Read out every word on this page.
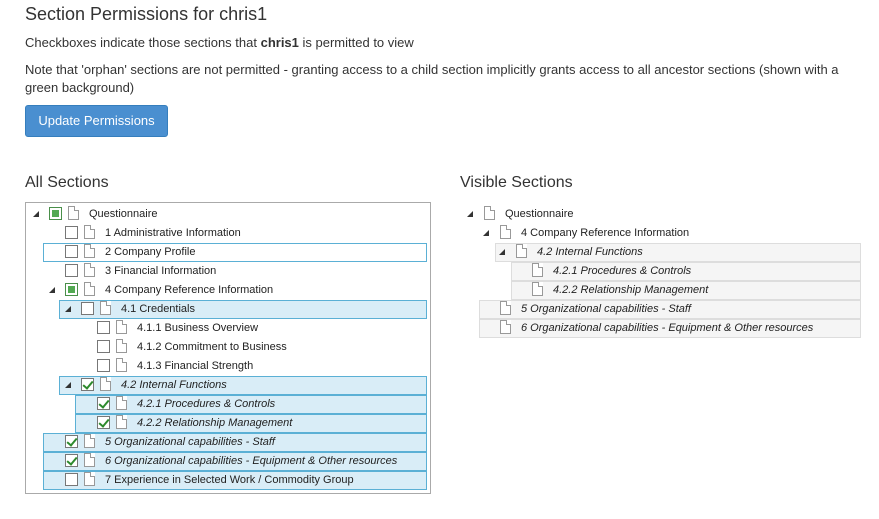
Section Permissions for chris1

Checkboxes indicate those sections that chris1 is permitted to view

Note that 'orphan' sections are not permitted - granting access to a child section implicitly grants access to all ancestor sections (shown with a green background)

Update Permissions
All Sections	Visible Sections
Questionnaire
1 Administrative Information
2 Company Profile
3 Financial Information
4 Company Reference Information
4.1 Credentials
4.1.1 Business Overview
4.1.2 Commitment to Business
4.1.3 Financial Strength
4.2 Internal Functions
4.2.1 Procedures & Controls
4.2.2 Relationship Management
5 Organizational capabilities - Staff
6 Organizational capabilities - Equipment & Other resources
7 Experience in Selected Work / Commodity Group
Questionnaire
4 Company Reference Information
4.2 Internal Functions
4.2.1 Procedures & Controls
4.2.2 Relationship Management
5 Organizational capabilities - Staff
6 Organizational capabilities - Equipment & Other resources
